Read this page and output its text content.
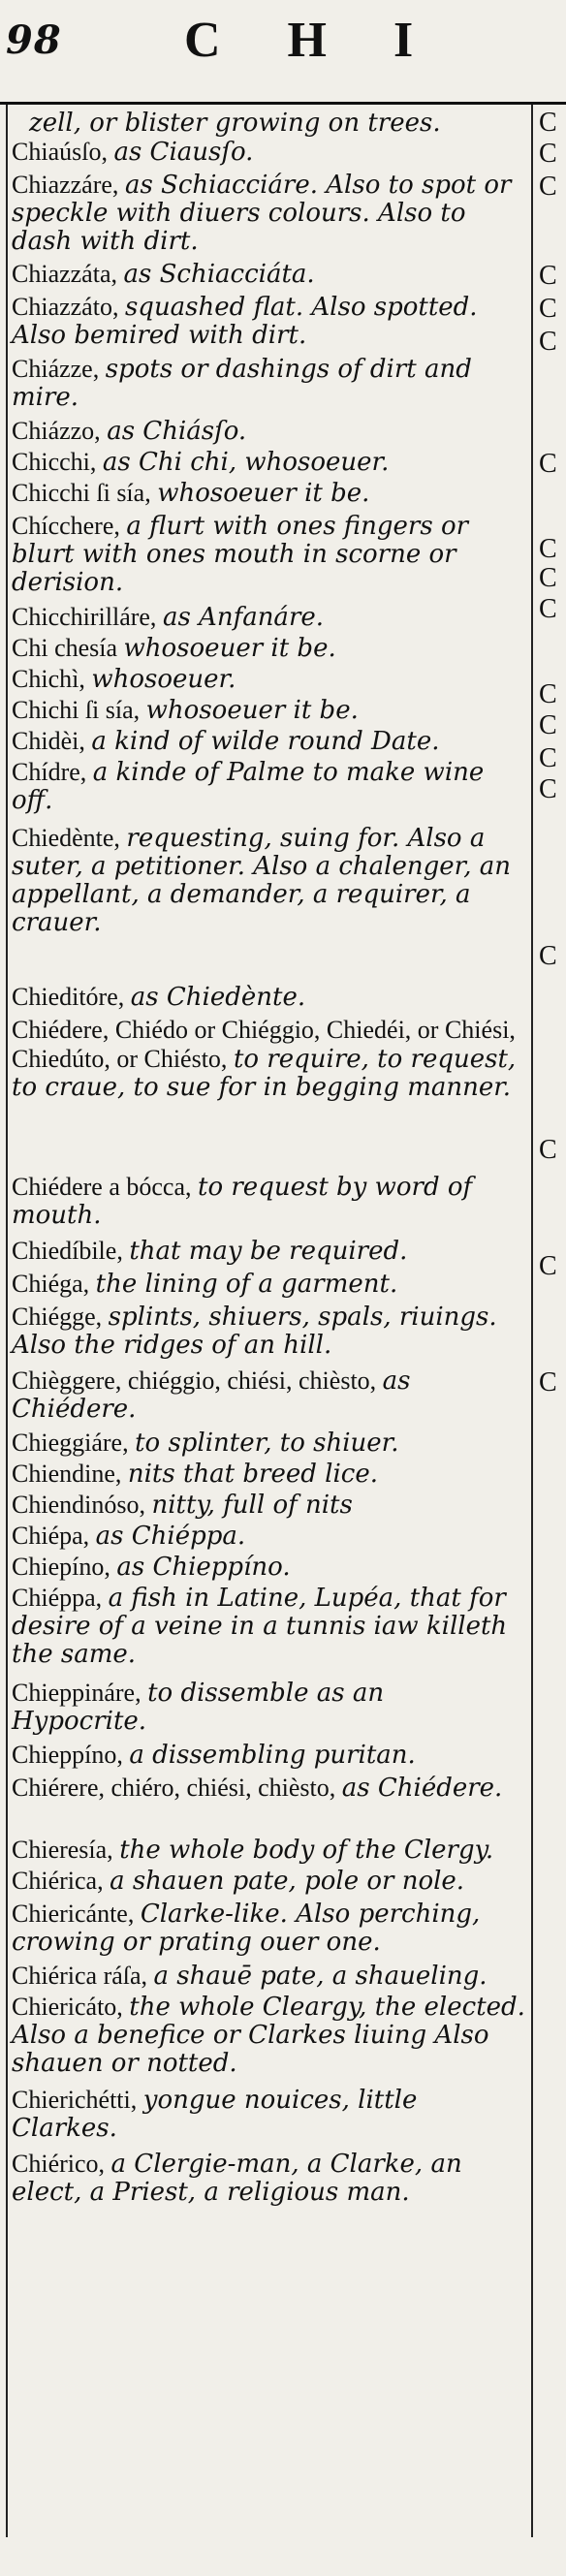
98 C H I
zell, or blister growing on trees.
Chiaúsſo, as Ciausſo.
Chiazzáre, as Schiacciáre. Also to spot or speckle with diuers colours. Also to dash with dirt.
Chiazzáta, as Schiacciáta.
Chiazzáto, squashed flat. Also spotted. Also bemired with dirt.
Chiázze, spots or dashings of dirt and mire.
Chiázzo, as Chiásſo.
Chicchi, as Chi chi, whosoeuer.
Chicchi ſi sía, whosoeuer it be.
Chícchere, a flurt with ones fingers or blurt with ones mouth in scorne or derision.
Chicchirilláre, as Anfanáre.
Chi chesía whosoeuer it be.
Chichì, whosoeuer.
Chichi ſi sía, whosoeuer it be.
Chidèi, a kind of wilde round Date.
Chídre, a kinde of Palme to make wine off.
Chiedènte, requesting, suing for. Also a suter, a petitioner. Also a chalenger, an appellant, a demander, a requirer, a crauer.
Chieditóre, as Chiedènte.
Chiédere, Chiédo or Chiéggio, Chiedéi, or Chiési, Chiedúto, or Chiésto, to require, to request, to craue, to sue for in begging manner.
Chiédere a bócca, to request by word of mouth.
Chiedíbile, that may be required.
Chiéga, the lining of a garment.
Chiégge, splints, shiuers, spals, riuings. Also the ridges of an hill.
Chièggere, chiéggio, chiési, chièsto, as Chiédere.
Chieggiáre, to splinter, to shiuer.
Chiendine, nits that breed lice.
Chiendinóso, nitty, full of nits
Chiépa, as Chiéppa.
Chiepíno, as Chieppíno.
Chiéppa, a fish in Latine, Lupéa, that for desire of a veine in a tunnis iaw killeth the same.
Chieppináre, to dissemble as an Hypocrite.
Chieppíno, a dissembling puritan.
Chiérere, chiéro, chiési, chièsto, as Chiédere.
Chieresía, the whole body of the Clergy.
Chiérica, a shauen pate, pole or nole.
Chiericánte, Clarke-like. Also perching, crowing or prating ouer one.
Chiérica ráſa, a shauē pate, a shaueling.
Chiericáto, the whole Cleargy, the elected. Also a benefice or Clarkes liuing Also shauen or notted.
Chierichétti, yongue nouices, little Clarkes.
Chiérico, a Clergie-man, a Clarke, an elect, a Priest, a religious man.
C
C
C
C
C
C
C
C
C
C
C
C
C
C
C
C
C
C
